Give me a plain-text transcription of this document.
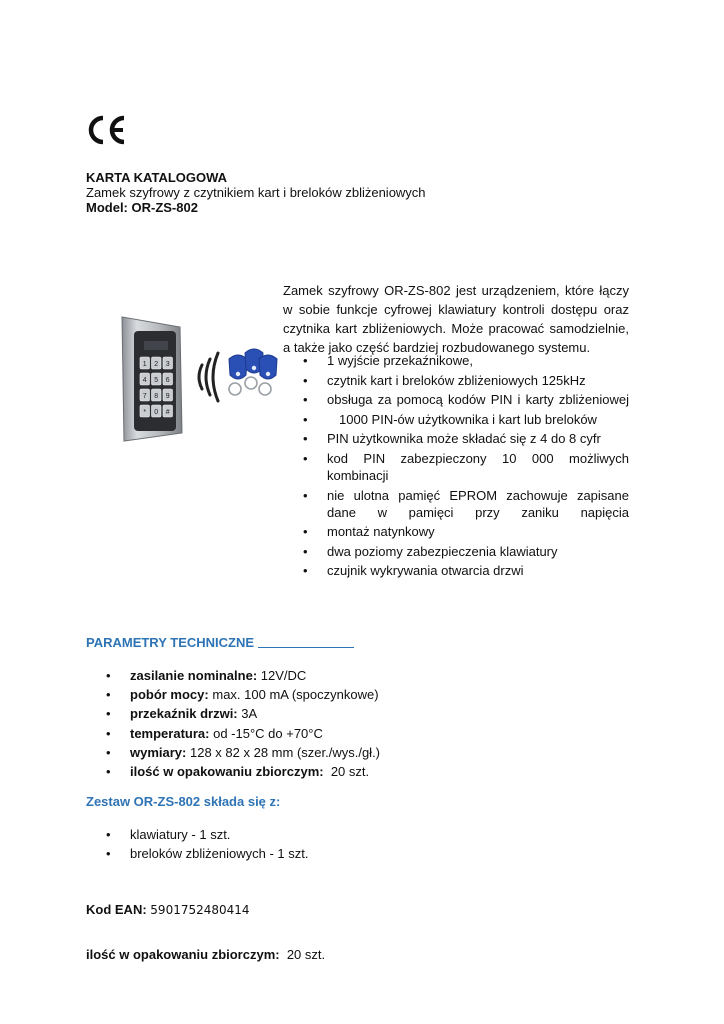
KARTA KATALOGOWA
Zamek szyfrowy z czytnikiem kart i breloków zbliżeniowych
Model: OR-ZS-802
1 2 3
4 5 6
7 8 9
* 0 #
Zamek szyfrowy OR-ZS-802 jest urządzeniem, które łączy w sobie funkcje cyfrowej klawiatury kontroli dostępu oraz czytnika kart zbliżeniowych. Może pracować samodzielnie, a także jako część bardziej rozbudowanego systemu.
• 1 wyjście przekaźnikowe,
• czytnik kart i breloków zbliżeniowych 125kHz
• obsługa za pomocą kodów PIN i karty zbliżeniowej
•	1000 PIN-ów użytkownika i kart lub breloków
• PIN użytkownika może składać się z 4 do 8 cyfr
• kod PIN zabezpieczony 10 000 możliwych kombinacji
• nie ulotna pamięć EPROM zachowuje zapisane dane w pamięci przy zaniku napięcia
• montaż natynkowy
• dwa poziomy zabezpieczenia klawiatury
• czujnik wykrywania otwarcia drzwi
PARAMETRY TECHNICZNE
• zasilanie nominalne: 12V/DC
• pobór mocy: max. 100 mA (spoczynkowe)
• przekaźnik drzwi: 3A
• temperatura: od -15°C do +70°C
• wymiary: 128 x 82 x 28 mm (szer./wys./gł.)
• ilość w opakowaniu zbiorczym: 20 szt.
Zestaw OR-ZS-802 składa się z:
• klawiatury - 1 szt.
• breloków zbliżeniowych - 1 szt.
Kod EAN: 5901752480414
ilość w opakowaniu zbiorczym: 20 szt.
